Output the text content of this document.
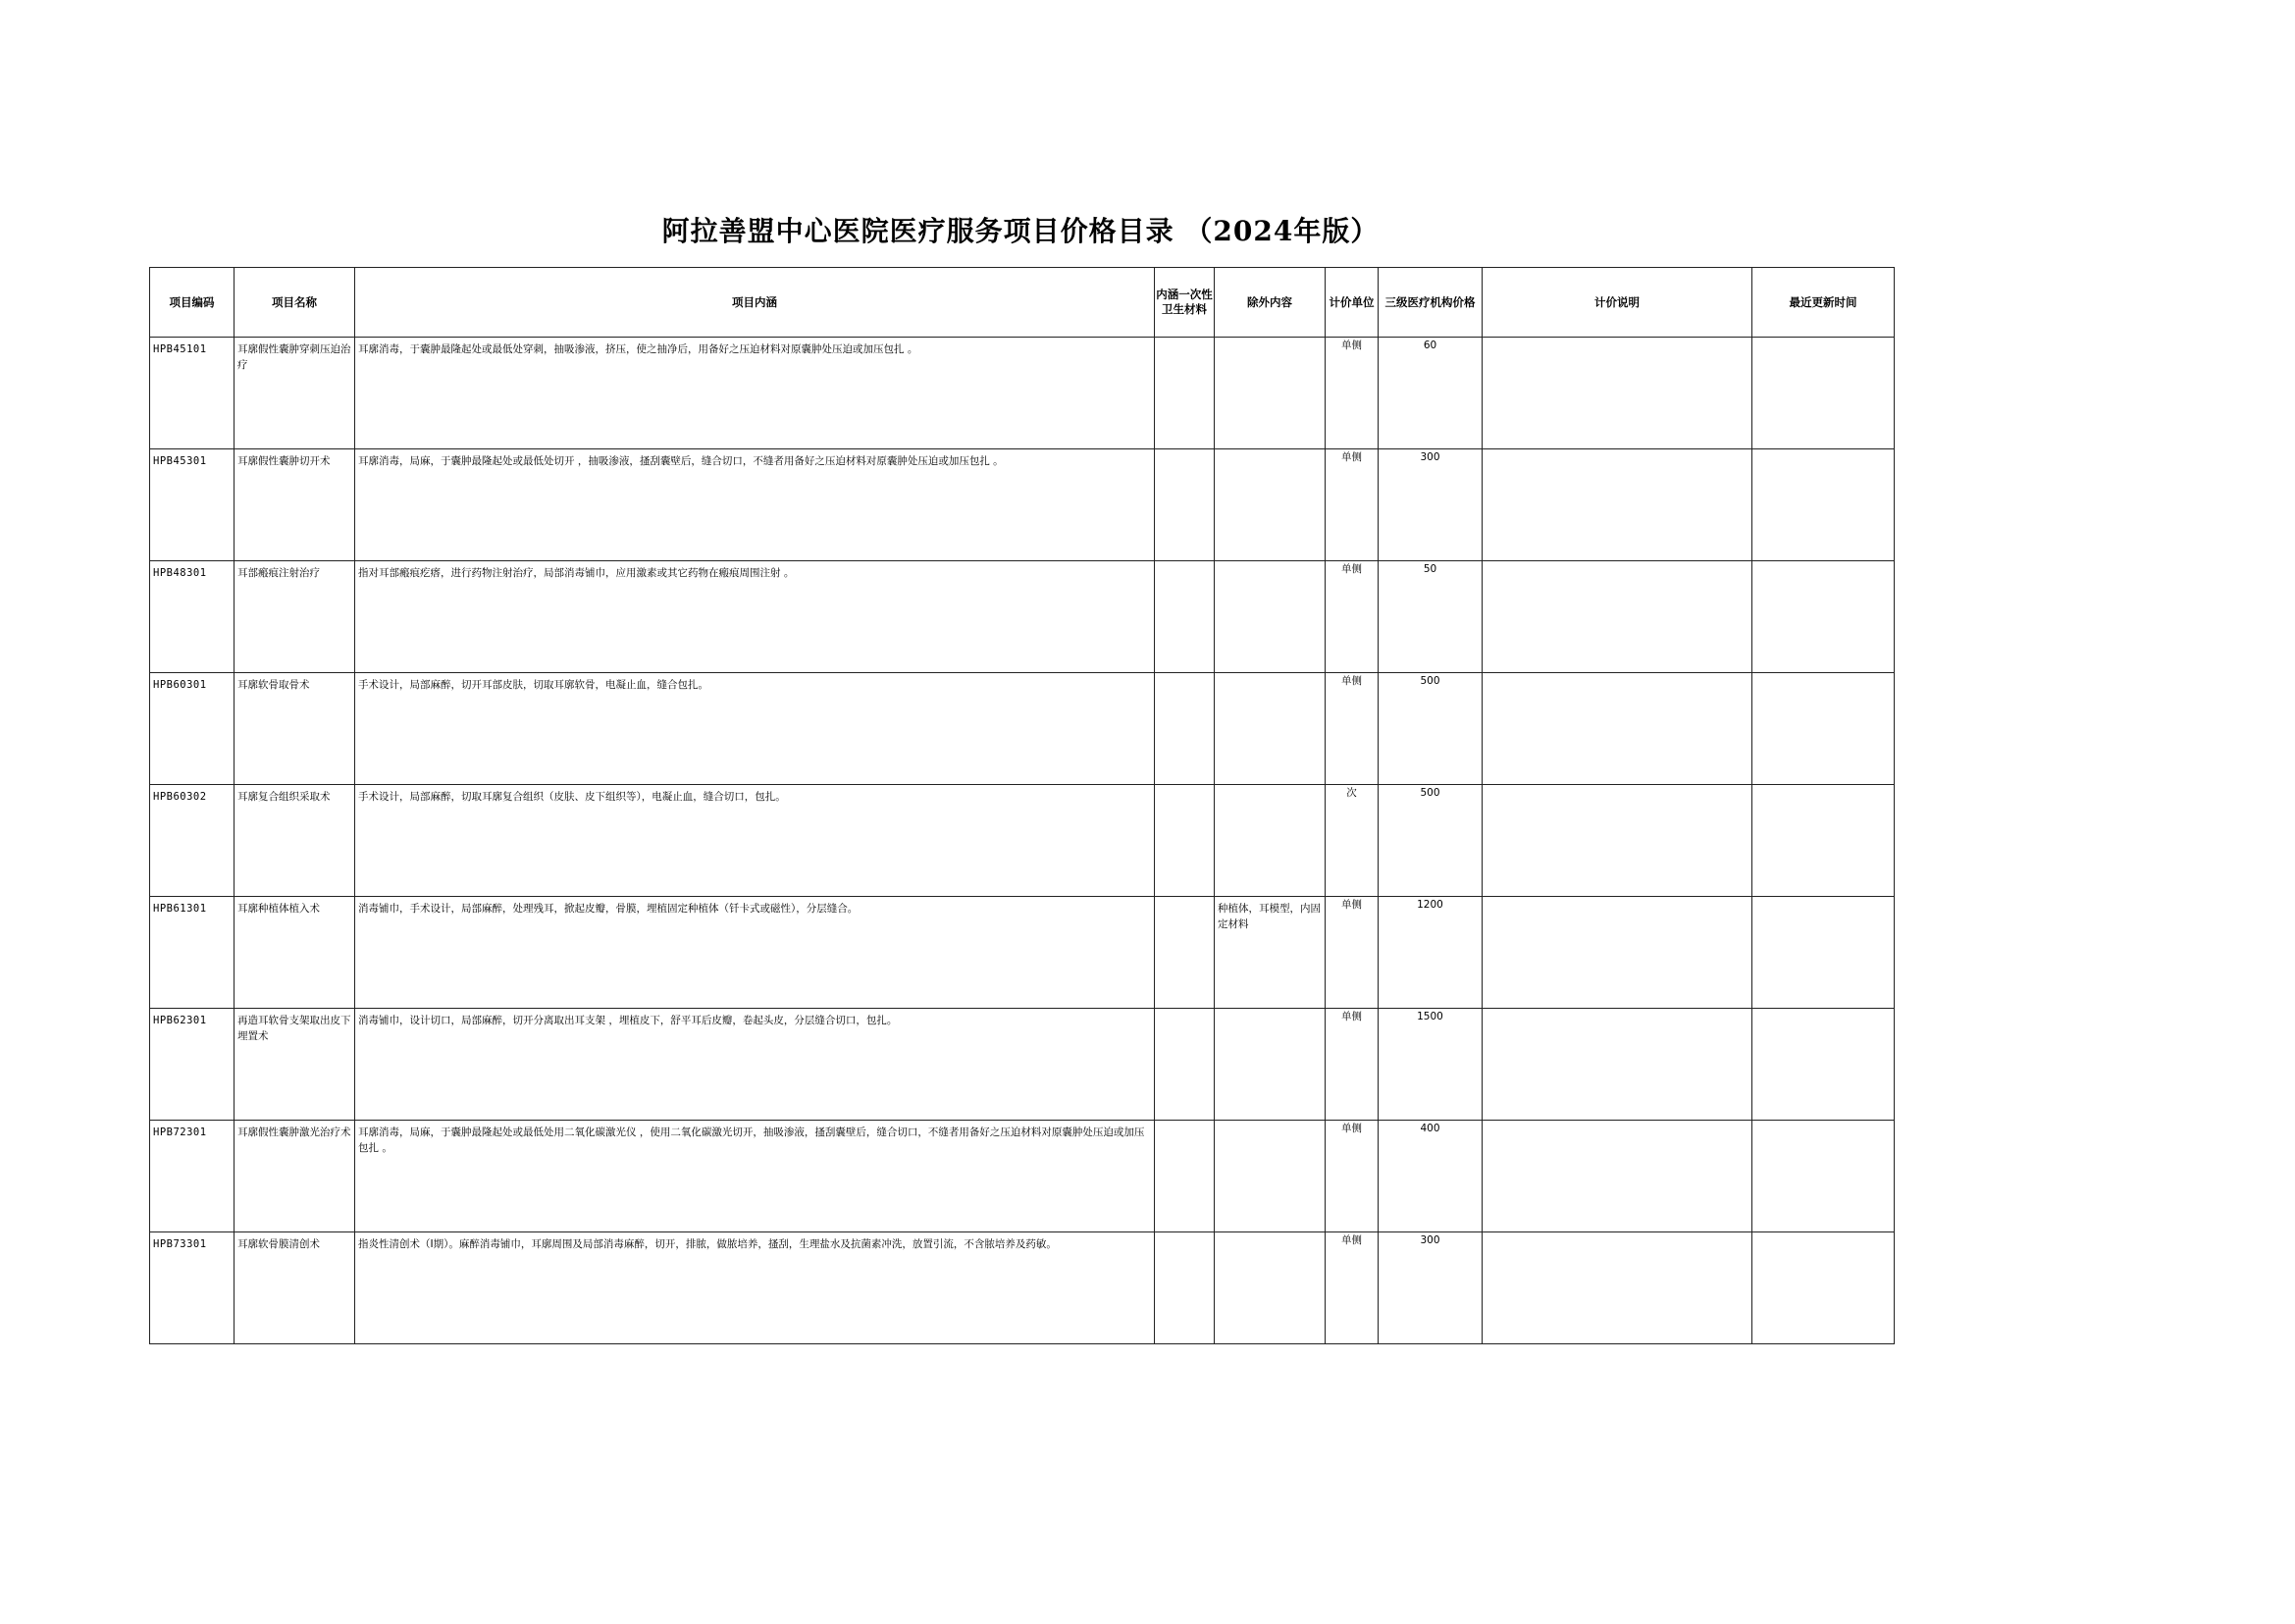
阿拉善盟中心医院医疗服务项目价格目录 （2024年版）
项目编码	项目名称	项目内涵	内涵一次性卫生材料	除外内容	计价单位	三级医疗机构价格	计价说明	最近更新时间

HPB45101	耳廓假性囊肿穿刺压迫治疗	耳廓消毒，于囊肿最隆起处或最低处穿刺，抽吸渗液，挤压，使之抽净后，用备好之压迫材料对原囊肿处压迫或加压包扎 。			单侧	60	

HPB45301	耳廓假性囊肿切开术	耳廓消毒，局麻，于囊肿最隆起处或最低处切开 ，抽吸渗液，搔刮囊壁后，缝合切口，不缝者用备好之压迫材料对原囊肿处压迫或加压包扎 。			单侧	300	

HPB48301	耳部瘢痕注射治疗	指对耳部瘢痕疙瘩，进行药物注射治疗，局部消毒铺巾，应用激素或其它药物在瘢痕周围注射 。			单侧	50	

HPB60301	耳廓软骨取骨术	手术设计，局部麻醉，切开耳部皮肤，切取耳廓软骨，电凝止血，缝合包扎。			单侧	500	

HPB60302	耳廓复合组织采取术	手术设计，局部麻醉，切取耳廓复合组织（皮肤、皮下组织等），电凝止血，缝合切口，包扎。			次	500	

HPB61301	耳廓种植体植入术	消毒铺巾，手术设计，局部麻醉，处理残耳，掀起皮瓣，骨膜，埋植固定种植体（钎卡式或磁性），分层缝合。		种植体，耳模型，内固定材料	单侧	1200	

HPB62301	再造耳软骨支架取出皮下埋置术	消毒铺巾，设计切口，局部麻醉，切开分离取出耳支架 ，埋植皮下，舒平耳后皮瓣，卷起头皮，分层缝合切口，包扎。			单侧	1500	

HPB72301	耳廓假性囊肿激光治疗术	耳廓消毒，局麻，于囊肿最隆起处或最低处用二氧化碳激光仪 ，使用二氧化碳激光切开，抽吸渗液，搔刮囊壁后，缝合切口，不缝者用备好之压迫材料对原囊肿处压迫或加压包扎 。			单侧	400	

HPB73301	耳廓软骨膜清创术	指炎性清创术（Ⅰ期）。麻醉消毒铺巾，耳廓周围及局部消毒麻醉，切开，排脓，做脓培养，搔刮，生理盐水及抗菌素冲洗，放置引流，不含脓培养及药敏。			单侧	300	
